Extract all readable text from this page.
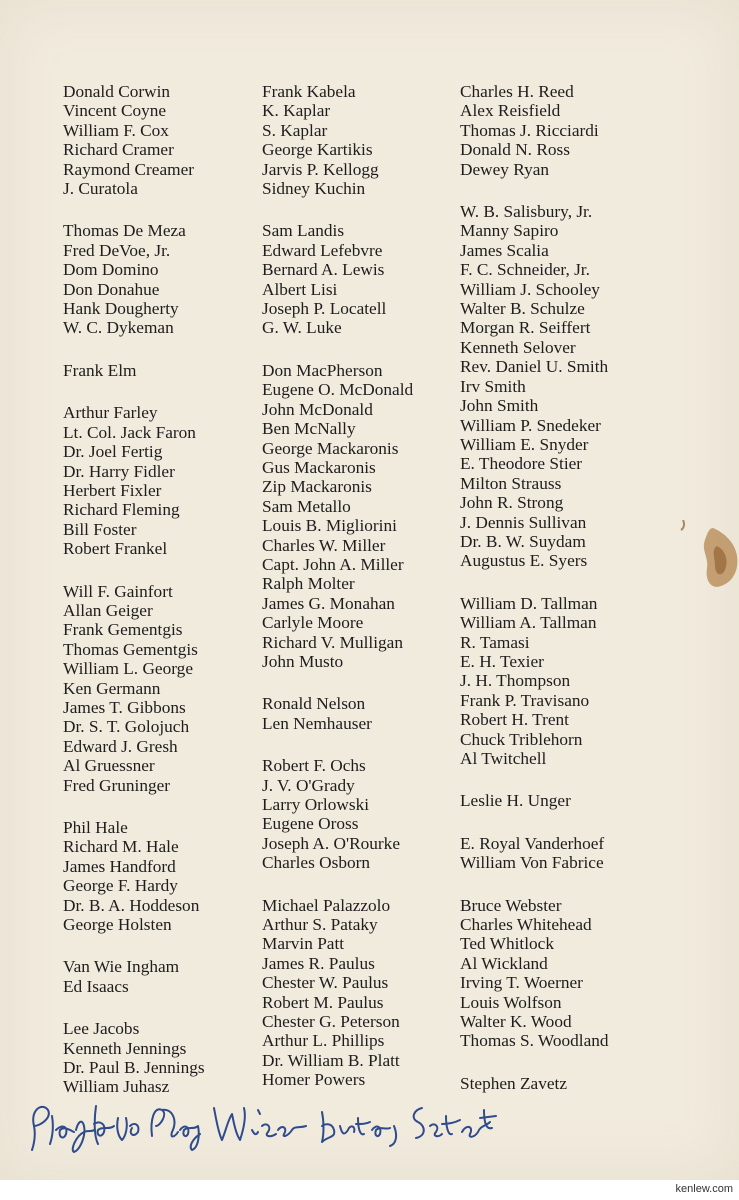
Donald Corwin
Vincent Coyne
William F. Cox
Richard Cramer
Raymond Creamer
J. Curatola
Thomas De Meza
Fred DeVoe, Jr.
Dom Domino
Don Donahue
Hank Dougherty
W. C. Dykeman
Frank Elm
Arthur Farley
Lt. Col. Jack Faron
Dr. Joel Fertig
Dr. Harry Fidler
Herbert Fixler
Richard Fleming
Bill Foster
Robert Frankel
Will F. Gainfort
Allan Geiger
Frank Gementgis
Thomas Gementgis
William L. George
Ken Germann
James T. Gibbons
Dr. S. T. Golojuch
Edward J. Gresh
Al Gruessner
Fred Gruninger
Phil Hale
Richard M. Hale
James Handford
George F. Hardy
Dr. B. A. Hoddeson
George Holsten
Van Wie Ingham
Ed Isaacs
Lee Jacobs
Kenneth Jennings
Dr. Paul B. Jennings
William Juhasz
Frank Kabela
K. Kaplar
S. Kaplar
George Kartikis
Jarvis P. Kellogg
Sidney Kuchin
Sam Landis
Edward Lefebvre
Bernard A. Lewis
Albert Lisi
Joseph P. Locatell
G. W. Luke
Don MacPherson
Eugene O. McDonald
John McDonald
Ben McNally
George Mackaronis
Gus Mackaronis
Zip Mackaronis
Sam Metallo
Louis B. Migliorini
Charles W. Miller
Capt. John A. Miller
Ralph Molter
James G. Monahan
Carlyle Moore
Richard V. Mulligan
John Musto
Ronald Nelson
Len Nemhauser
Robert F. Ochs
J. V. O'Grady
Larry Orlowski
Eugene Oross
Joseph A. O'Rourke
Charles Osborn
Michael Palazzolo
Arthur S. Pataky
Marvin Patt
James R. Paulus
Chester W. Paulus
Robert M. Paulus
Chester G. Peterson
Arthur L. Phillips
Dr. William B. Platt
Homer Powers
Charles H. Reed
Alex Reisfield
Thomas J. Ricciardi
Donald N. Ross
Dewey Ryan
W. B. Salisbury, Jr.
Manny Sapiro
James Scalia
F. C. Schneider, Jr.
William J. Schooley
Walter B. Schulze
Morgan R. Seiffert
Kenneth Selover
Rev. Daniel U. Smith
Irv Smith
John Smith
William P. Snedeker
William E. Snyder
E. Theodore Stier
Milton Strauss
John R. Strong
J. Dennis Sullivan
Dr. B. W. Suydam
Augustus E. Syers
William D. Tallman
William A. Tallman
R. Tamasi
E. H. Texier
J. H. Thompson
Frank P. Travisano
Robert H. Trent
Chuck Triblehorn
Al Twitchell
Leslie H. Unger
E. Royal Vanderhoef
William Von Fabrice
Bruce Webster
Charles Whitehead
Ted Whitlock
Al Wickland
Irving T. Woerner
Louis Wolfson
Walter K. Wood
Thomas S. Woodland
Stephen Zavetz
kenlew.com
